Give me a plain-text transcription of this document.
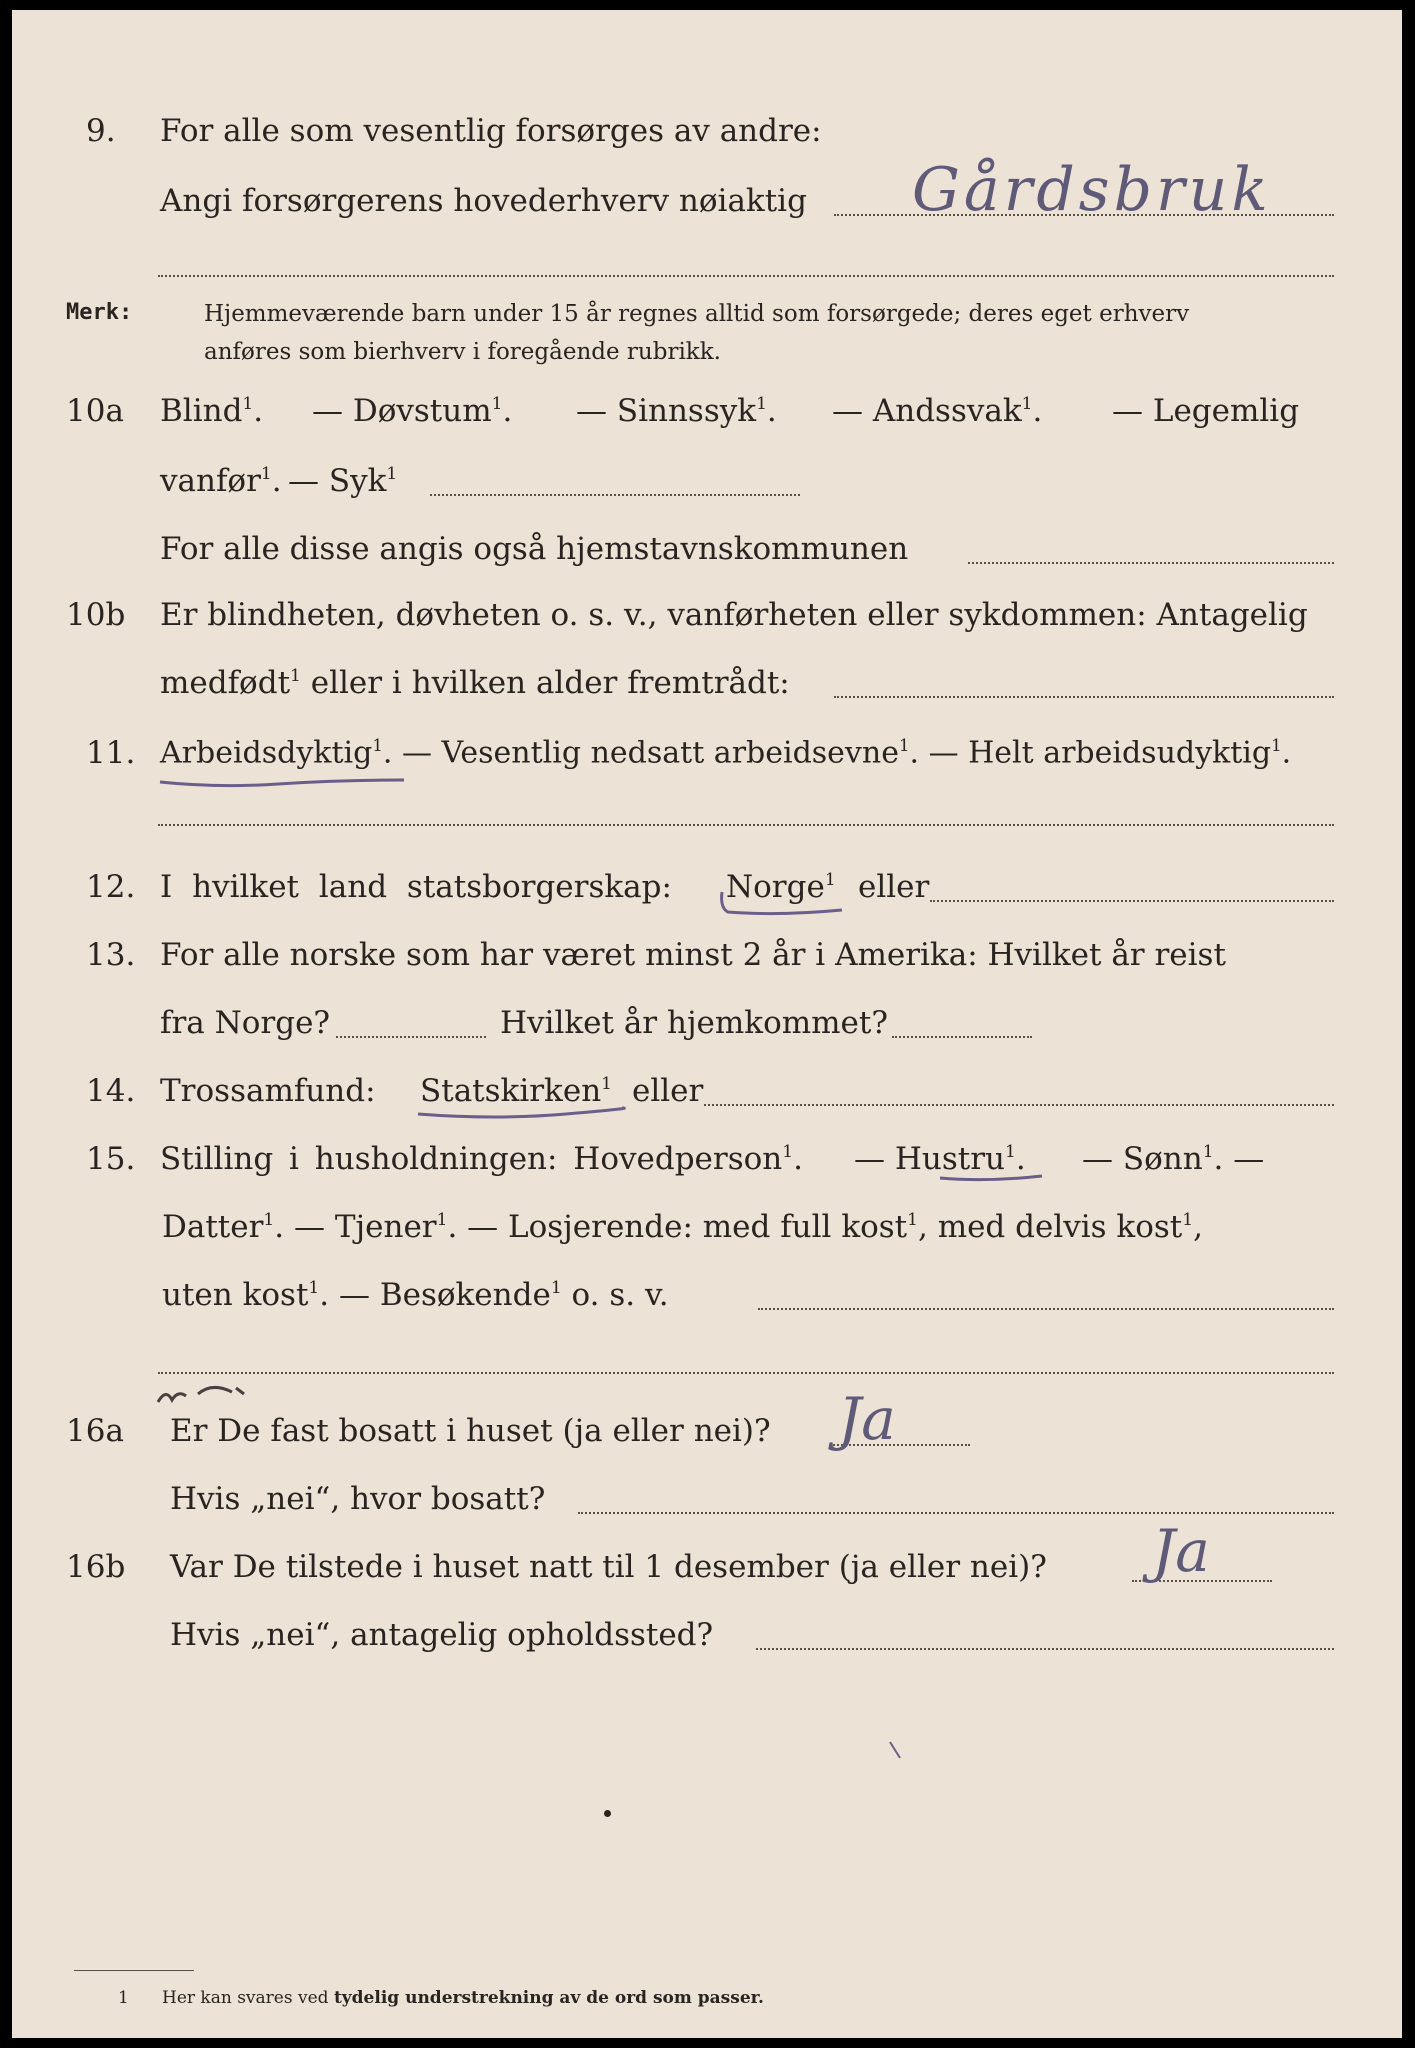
9. For alle som vesentlig forsørges av andre:
Angi forsørgerens hovederhverv nøiaktig Gårdsbruk
Merk:	Hjemmeværende barn under 15 år regnes alltid som forsørgede; deres eget erhverv
anføres som bierhverv i foregående rubrikk.
10a Blind$^1$. — Døvstum$^1$. — Sinnssyk$^1$. — Andssvak$^1$. — Legemlig
vanfør$^1$. — Syk$^1$
For alle disse angis også hjemstavnskommunen
10b Er blindheten, døvheten o. s. v., vanførheten eller sykdommen: Antagelig
medfødt$^1$ eller i hvilken alder fremtrådt:
11. Arbeidsdyktig$^1$. — Vesentlig nedsatt arbeidsevne$^1$. — Helt arbeidsudyktig$^1$.
12. I hvilket land statsborgerskap: Norge$^1$ eller
13. For alle norske som har været minst 2 år i Amerika: Hvilket år reist
fra Norge?	Hvilket år hjemkommet?
14. Trossamfund: Statskirken$^1$ eller
15. Stilling i husholdningen: Hovedperson$^1$. — Hustru$^1$. — Sønn$^1$. —
Datter$^1$. — Tjener$^1$. — Losjerende: med full kost$^1$, med delvis kost$^1$,
uten kost$^1$. — Besøkende$^1$ o. s. v.
16a Er De fast bosatt i huset (ja eller nei)? Ja
Hvis „nei“, hvor bosatt?
16b Var De tilstede i huset natt til 1 desember (ja eller nei)? Ja
Hvis „nei“, antagelig opholdssted?
1 Her kan svares ved tydelig understrekning av de ord som passer.
